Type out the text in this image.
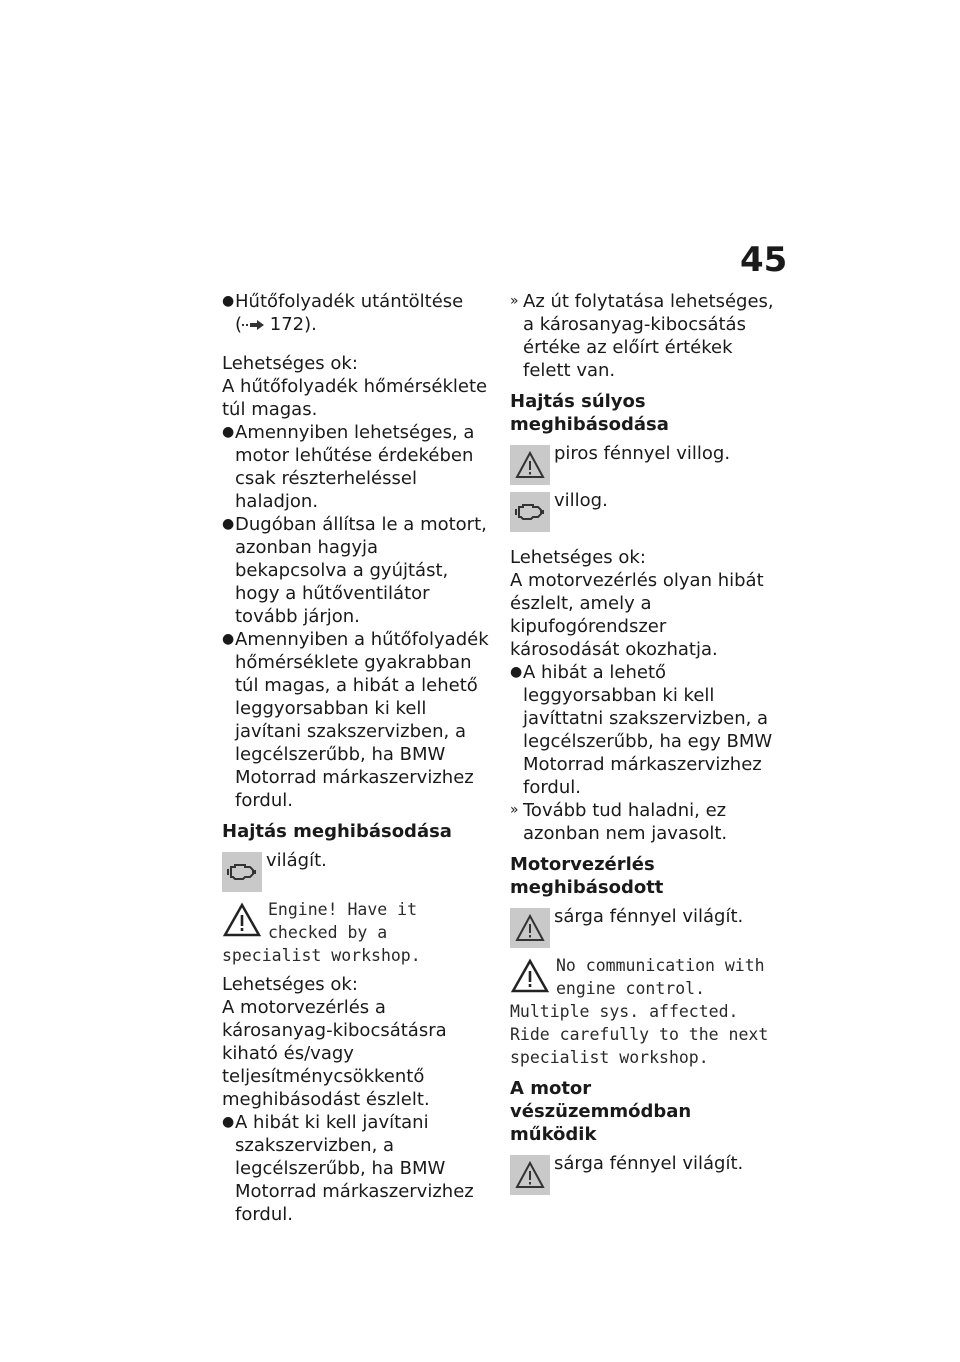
45
● Hűtőfolyadék utántöltése
( 172).

Lehetséges ok:

A hűtőfolyadék hőmérséklete túl magas.

● Amennyiben lehetséges, a motor lehűtése érdekében csak részterheléssel haladjon.
● Dugóban állítsa le a motort, azonban hagyja bekapcsolva a gyújtást, hogy a hűtőventilátor tovább járjon.
● Amennyiben a hűtőfolyadék hőmérséklete gyakrabban túl magas, a hibát a lehető leggyorsabban ki kell javítani szakszervizben, a legcélszerűbb, ha BMW Motorrad márkaszervizhez fordul.
Hajtás meghibásodása
világít.
Engine! Have it checked by a specialist workshop.

Lehetséges ok:

A motorvezérlés a károsanyag-kibocsátásra kiható és/vagy teljesítménycsökkentő meghibásodást észlelt.

● A hibát ki kell javítani szakszervizben, a legcélszerűbb, ha BMW Motorrad márkaszervizhez fordul.
» Az út folytatása lehetséges, a károsanyag-kibocsátás értéke az előírt értékek felett van.
Hajtás súlyos meghibásodása
piros fénnyel villog.
villog.

Lehetséges ok:

A motorvezérlés olyan hibát észlelt, amely a kipufogórendszer károsodását okozhatja.

● A hibát a lehető leggyorsabban ki kell javíttatni szakszervizben, a legcélszerűbb, ha egy BMW Motorrad márkaszervizhez fordul.
» Tovább tud haladni, ez azonban nem javasolt.
Motorvezérlés meghibásodott
sárga fénnyel világít.
No communication with engine control. Multiple sys. affected. Ride carefully to the next specialist workshop.
A motor vészüzemmódban működik
sárga fénnyel világít.
